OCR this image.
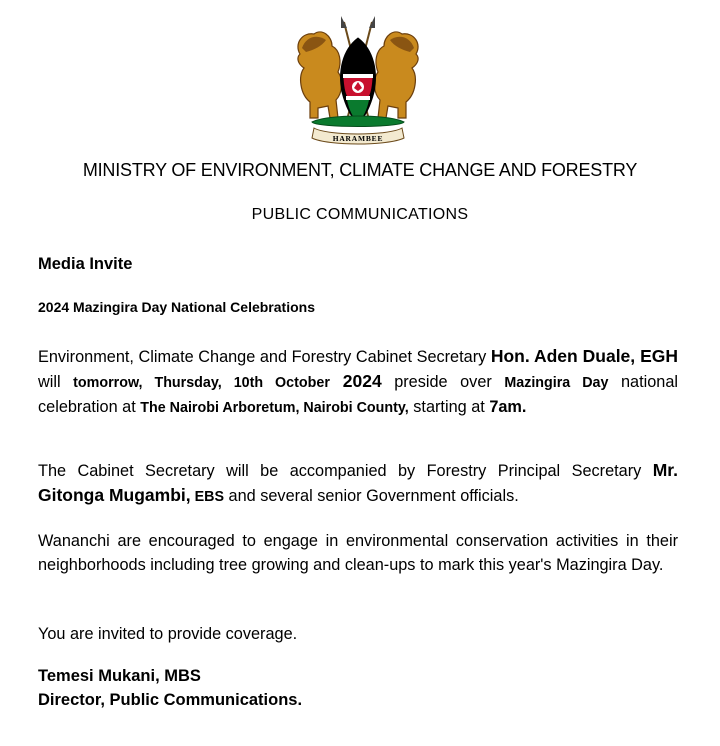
HARAMBEE
MINISTRY OF ENVIRONMENT, CLIMATE CHANGE AND FORESTRY
PUBLIC COMMUNICATIONS
Media Invite
2024 Mazingira Day National Celebrations
Environment, Climate Change and Forestry Cabinet Secretary Hon. Aden Duale, EGH will tomorrow, Thursday, 10th October 2024 preside over Mazingira Day national celebration at The Nairobi Arboretum, Nairobi County, starting at 7am.
The Cabinet Secretary will be accompanied by Forestry Principal Secretary Mr. Gitonga Mugambi, EBS and several senior Government officials.
Wananchi are encouraged to engage in environmental conservation activities in their neighborhoods including tree growing and clean-ups to mark this year's Mazingira Day.
You are invited to provide coverage.
Temesi Mukani, MBS
Director, Public Communications.
